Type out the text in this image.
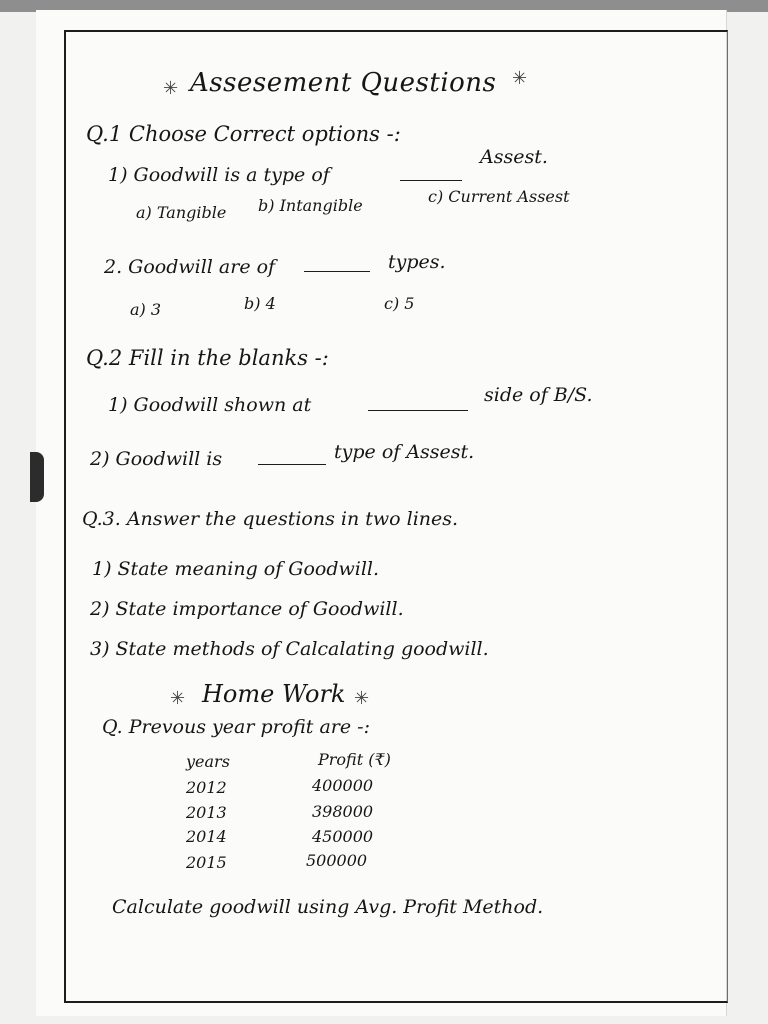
✳ Assesement Questions ✳
Q.1 Choose Correct options -:
1) Goodwill is a type of
Assest.
a) Tangible b) Intangible	c) Current Assest
2. Goodwill are of	types.
a) 3	b) 4	c) 5
Q.2 Fill in the blanks -:
1) Goodwill shown at	side of B/S.
2) Goodwill is	type of Assest.
Q.3. Answer the questions in two lines.
1) State meaning of Goodwill.
2) State importance of Goodwill.
3) State methods of Calcalating goodwill.
✳ Home Work ✳
Q. Prevous year profit are -:
years	Profit (₹)
2012	400000
2013	398000
2014	450000
2015	500000
Calculate goodwill using Avg. Profit Method.
